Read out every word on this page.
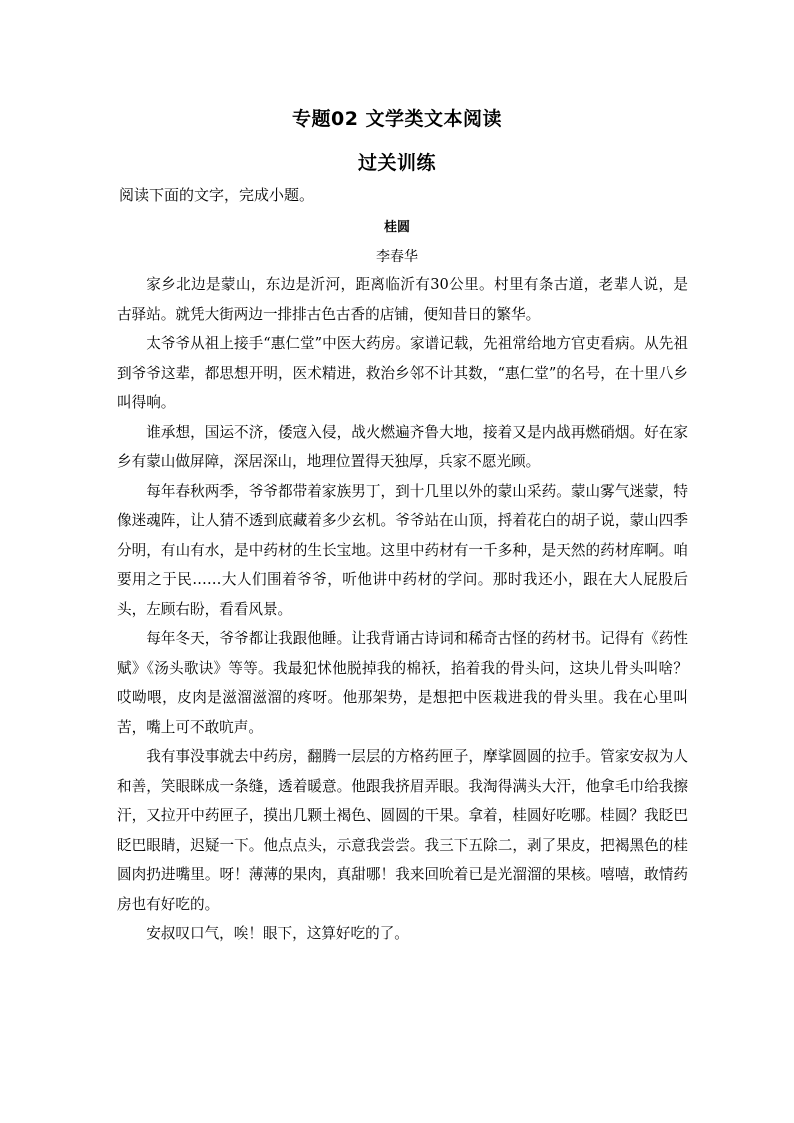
专题02 文学类文本阅读
过关训练
阅读下面的文字，完成小题。
桂圆
李春华

家乡北边是蒙山，东边是沂河，距离临沂有30公里。村里有条古道，老辈人说，是古驿站。就凭大街两边一排排古色古香的店铺，便知昔日的繁华。

太爷爷从祖上接手“惠仁堂”中医大药房。家谱记载，先祖常给地方官吏看病。从先祖到爷爷这辈，都思想开明，医术精进，救治乡邻不计其数，“惠仁堂”的名号，在十里八乡叫得响。

谁承想，国运不济，倭寇入侵，战火燃遍齐鲁大地，接着又是内战再燃硝烟。好在家乡有蒙山做屏障，深居深山，地理位置得天独厚，兵家不愿光顾。

每年春秋两季，爷爷都带着家族男丁，到十几里以外的蒙山采药。蒙山雾气迷蒙，特像迷魂阵，让人猜不透到底藏着多少玄机。爷爷站在山顶，捋着花白的胡子说，蒙山四季分明，有山有水，是中药材的生长宝地。这里中药材有一千多种，是天然的药材库啊。咱要用之于民……大人们围着爷爷，听他讲中药材的学问。那时我还小，跟在大人屁股后头，左顾右盼，看看风景。

每年冬天，爷爷都让我跟他睡。让我背诵古诗词和稀奇古怪的药材书。记得有《药性赋》《汤头歌诀》等等。我最犯怵他脱掉我的棉袄，掐着我的骨头问，这块儿骨头叫啥？哎呦喂，皮肉是滋溜滋溜的疼呀。他那架势，是想把中医栽进我的骨头里。我在心里叫苦，嘴上可不敢吭声。

我有事没事就去中药房，翻腾一层层的方格药匣子，摩挲圆圆的拉手。管家安叔为人和善，笑眼眯成一条缝，透着暖意。他跟我挤眉弄眼。我淘得满头大汗，他拿毛巾给我擦汗，又拉开中药匣子，摸出几颗土褐色、圆圆的干果。拿着，桂圆好吃哪。桂圆？我眨巴眨巴眼睛，迟疑一下。他点点头，示意我尝尝。我三下五除二，剥了果皮，把褐黑色的桂圆肉扔进嘴里。呀！薄薄的果肉，真甜哪！我来回吮着已是光溜溜的果核。嘻嘻，敢情药房也有好吃的。

安叔叹口气，唉！眼下，这算好吃的了。
